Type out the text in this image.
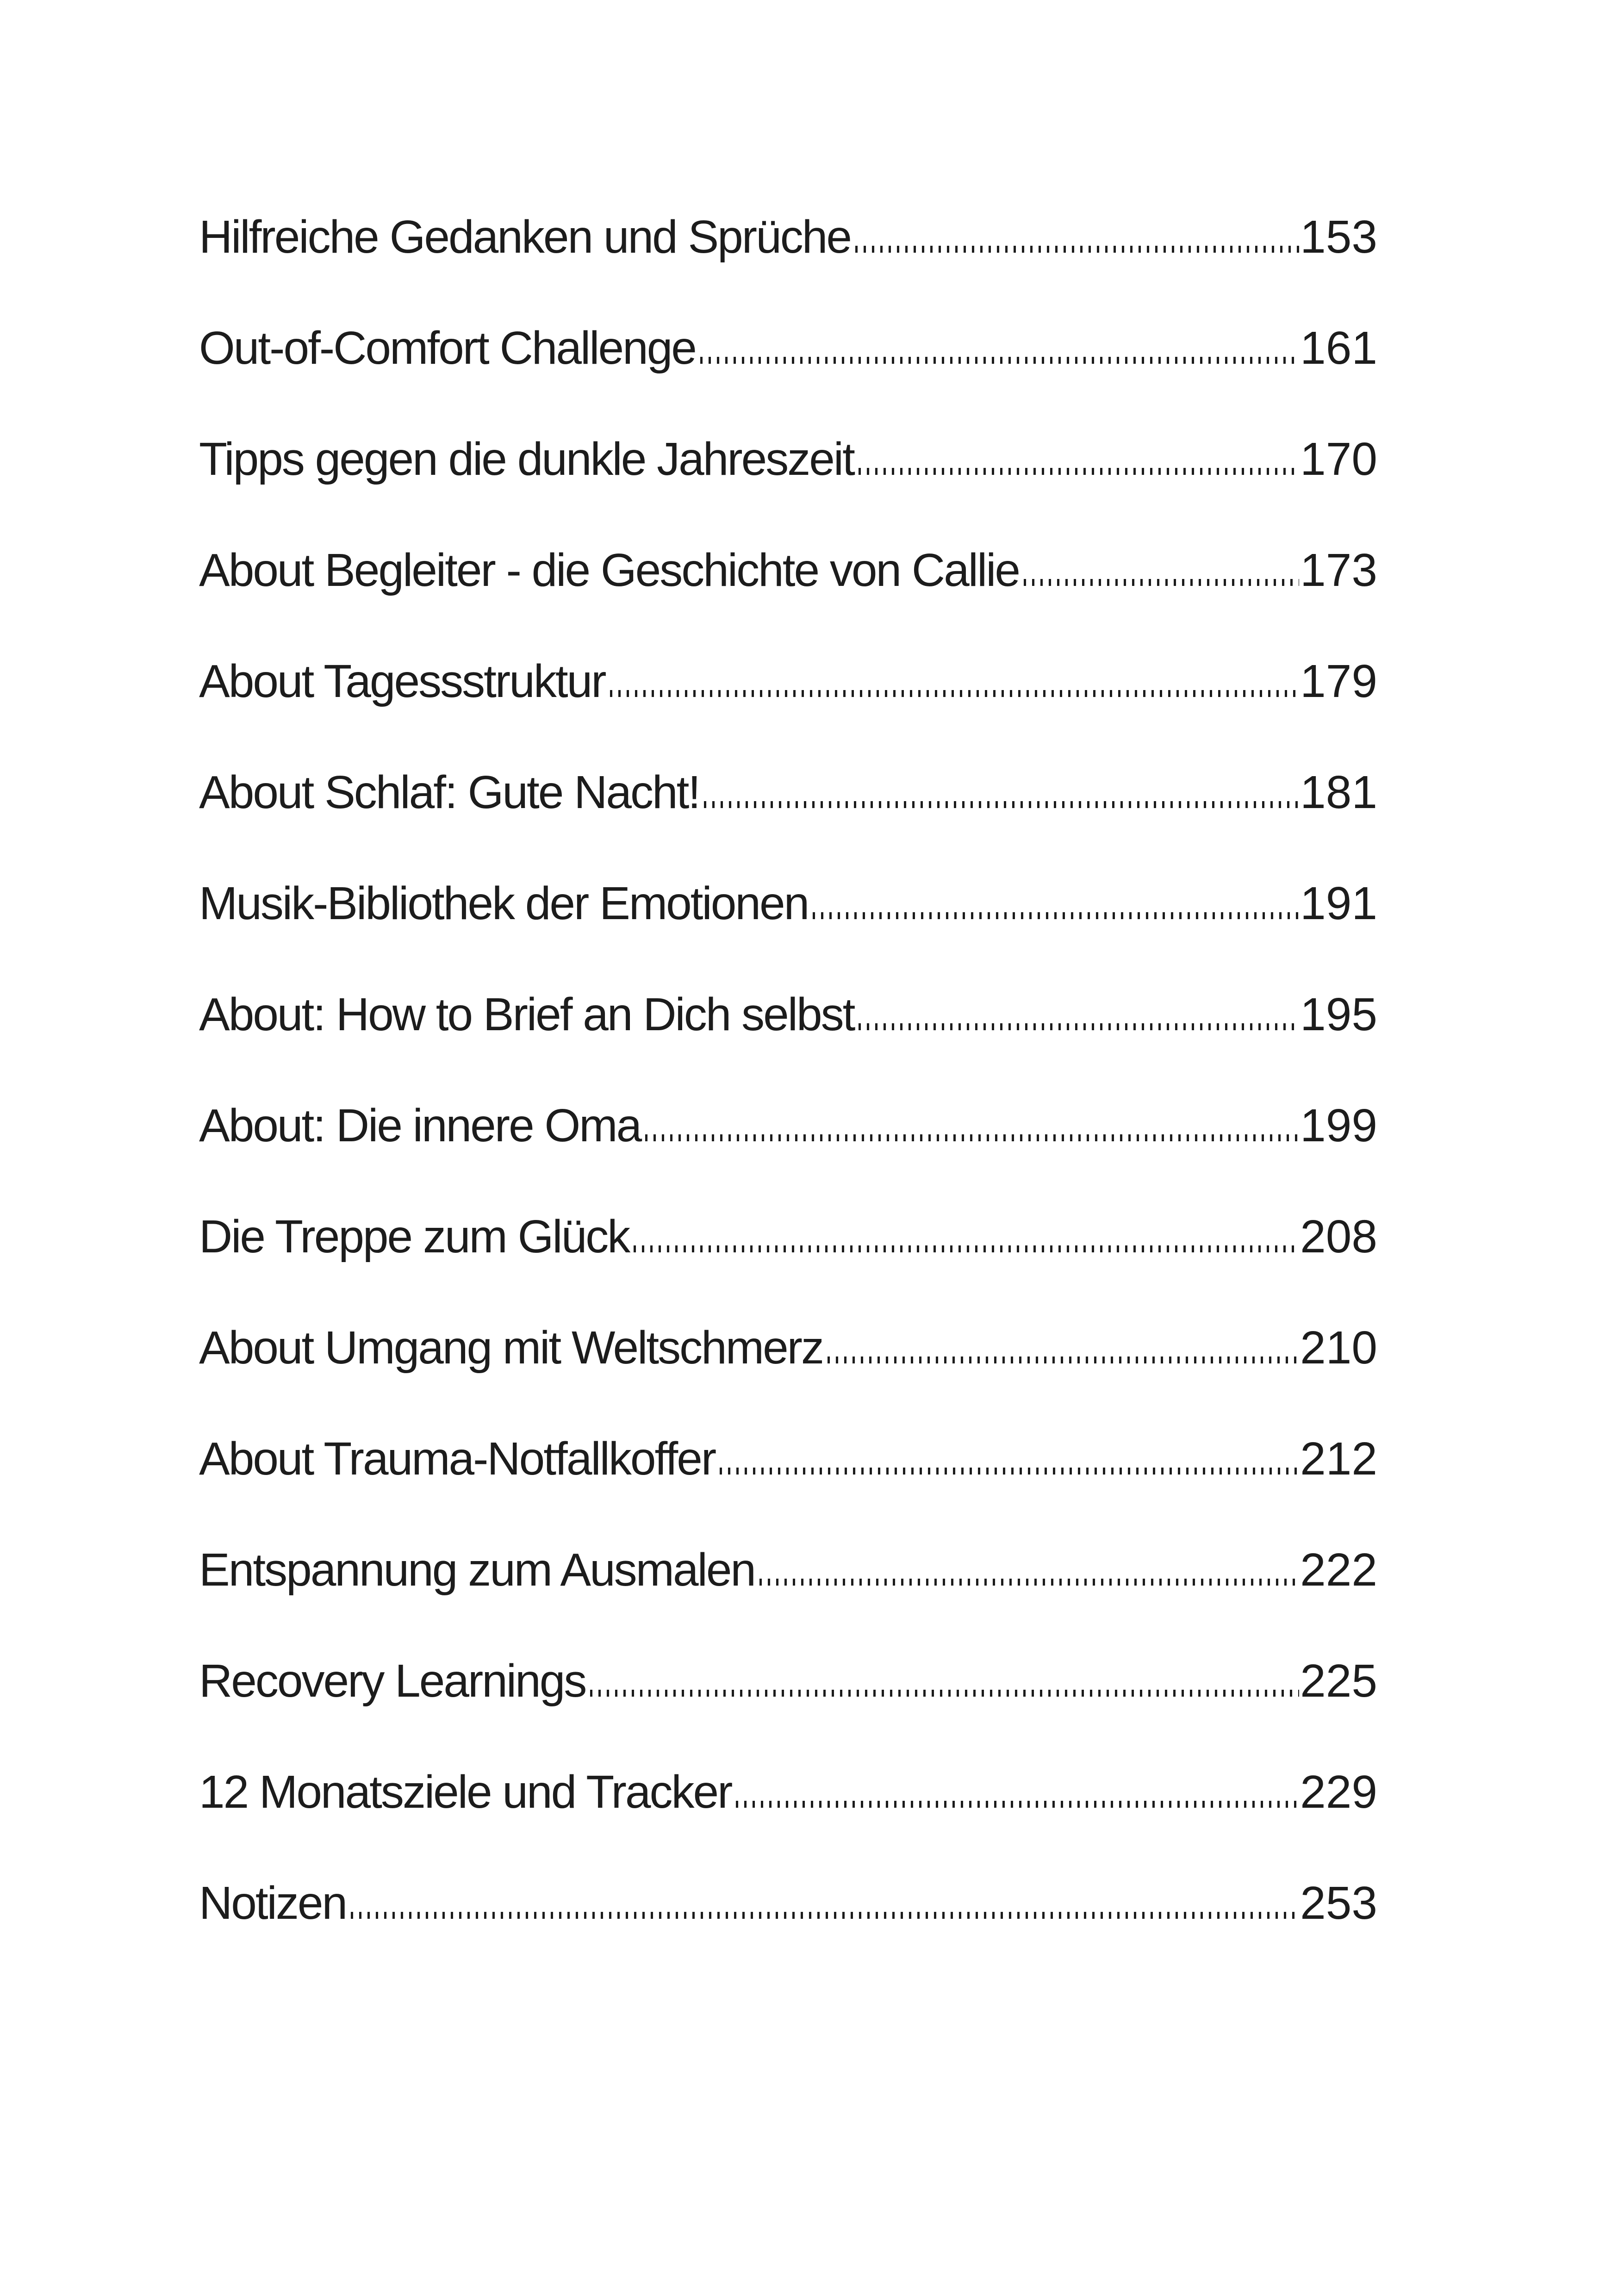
Hilfreiche Gedanken und Sprüche	153
Out-of-Comfort Challenge	161
Tipps gegen die dunkle Jahreszeit	170
About Begleiter - die Geschichte von Callie	173
About Tagessstruktur	179
About Schlaf: Gute Nacht!	181
Musik-Bibliothek der Emotionen	191
About: How to Brief an Dich selbst	195
About: Die innere Oma	199
Die Treppe zum Glück	208
About Umgang mit Weltschmerz	210
About Trauma-Notfallkoffer	212
Entspannung zum Ausmalen	222
Recovery Learnings	225
12 Monatsziele und Tracker	229
Notizen	253
